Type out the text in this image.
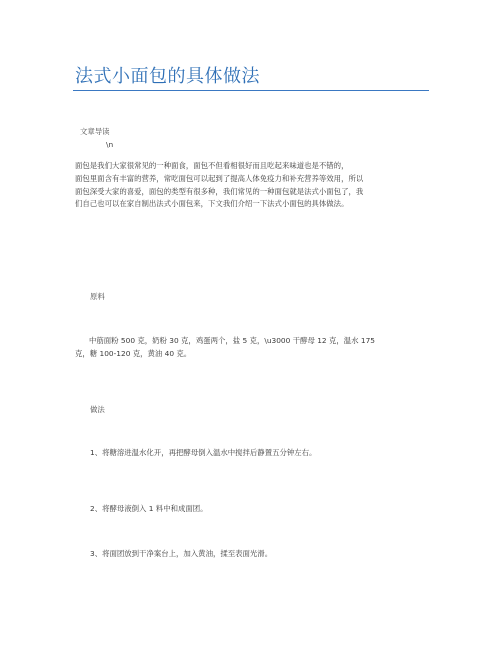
法式小面包的具体做法
文章导读
\n
面包是我们大家很常见的一种面食，面包不但看相很好而且吃起来味道也是不错的，
面包里面含有丰富的营养，常吃面包可以起到了提高人体免疫力和补充营养等效用，所以
面包深受大家的喜爱，面包的类型有很多种，我们常见的一种面包就是法式小面包了，我
们自己也可以在家自制出法式小面包来，下文我们介绍一下法式小面包的具体做法。
原料
中筋面粉 500 克，奶粉 30 克，鸡蛋两个，盐 5 克，\u3000 干酵母 12 克，温水 175
克，糖 100-120 克，黄油 40 克。
做法
1、将糖溶进温水化开，再把酵母倒入温水中搅拌后静置五分钟左右。
2、将酵母液倒入 1 料中和成面团。
3、将面团放到干净案台上，加入黄油，揉至表面光滑。
